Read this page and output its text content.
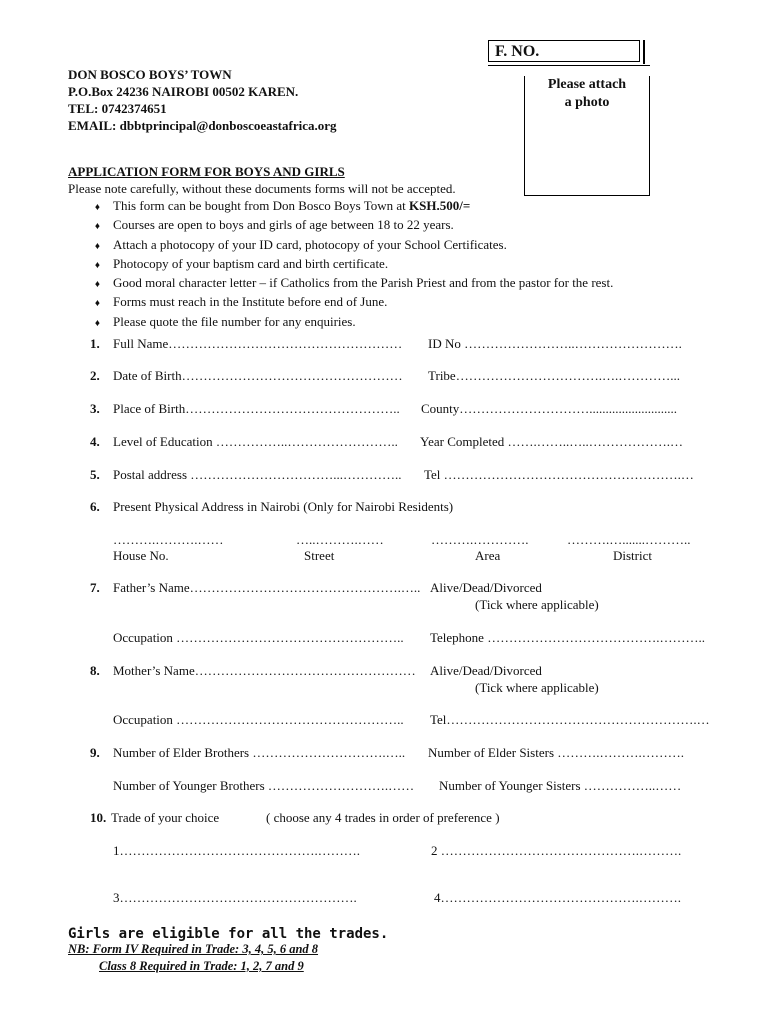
F. NO.
Please attach
a photo
DON BOSCO BOYS’ TOWN
P.O.Box 24236 NAIROBI 00502 KAREN.
TEL: 0742374651
EMAIL: dbbtprincipal@donboscoeastafrica.org
APPLICATION FORM FOR BOYS AND GIRLS
Please note carefully, without these documents forms will not be accepted.
♦ This form can be bought from Don Bosco Boys Town at KSH.500/=
♦ Courses are open to boys and girls of age between 18 to 22 years.
♦ Attach a photocopy of your ID card, photocopy of your School Certificates.
♦ Photocopy of your baptism card and birth certificate.
♦ Good moral character letter – if Catholics from the Parish Priest and from the pastor for the rest.
♦ Forms must reach in the Institute before end of June.
♦ Please quote the file number for any enquiries.
1. Full Name……………………………………………… ID No ……………………..…………………….
2. Date of Birth…………………………………………… Tribe…………………………….….…………...
3. Place of Birth………………………………………….. County…………………………...........................
4. Level of Education ……………..…………………….. Year Completed …….……..…..……………….…
5. Postal address ……………………………...………….. Tel ……………………………………………….…
6. Present Physical Address in Nairobi (Only for Nairobi Residents)
……….……….……	…..……….……	……….………….	……….….......………..
House No.	Street	Area	District
7. Father’s Name………………………………………….….. Alive/Dead/Divorced
(Tick where applicable)
Occupation …………………………………………….. Telephone ………………………………….………..
8. Mother’s Name…………………………………………… Alive/Dead/Divorced
(Tick where applicable)
Occupation …………………………………………….. Tel………………………………………………….…
9. Number of Elder Brothers ………………………….….. Number of Elder Sisters ……….……….……….
Number of Younger Brothers ……………………….…… Number of Younger Sisters ……………..……
10. Trade of your choice	( choose any 4 trades in order of preference )
1……………………………………….……….	2 ……………………………………….……….
3……………………………………………….	4……………………………………….……….
Girls are eligible for all the trades.
NB: Form IV Required in Trade: 3, 4, 5, 6 and 8
Class 8 Required in Trade: 1, 2, 7 and 9
